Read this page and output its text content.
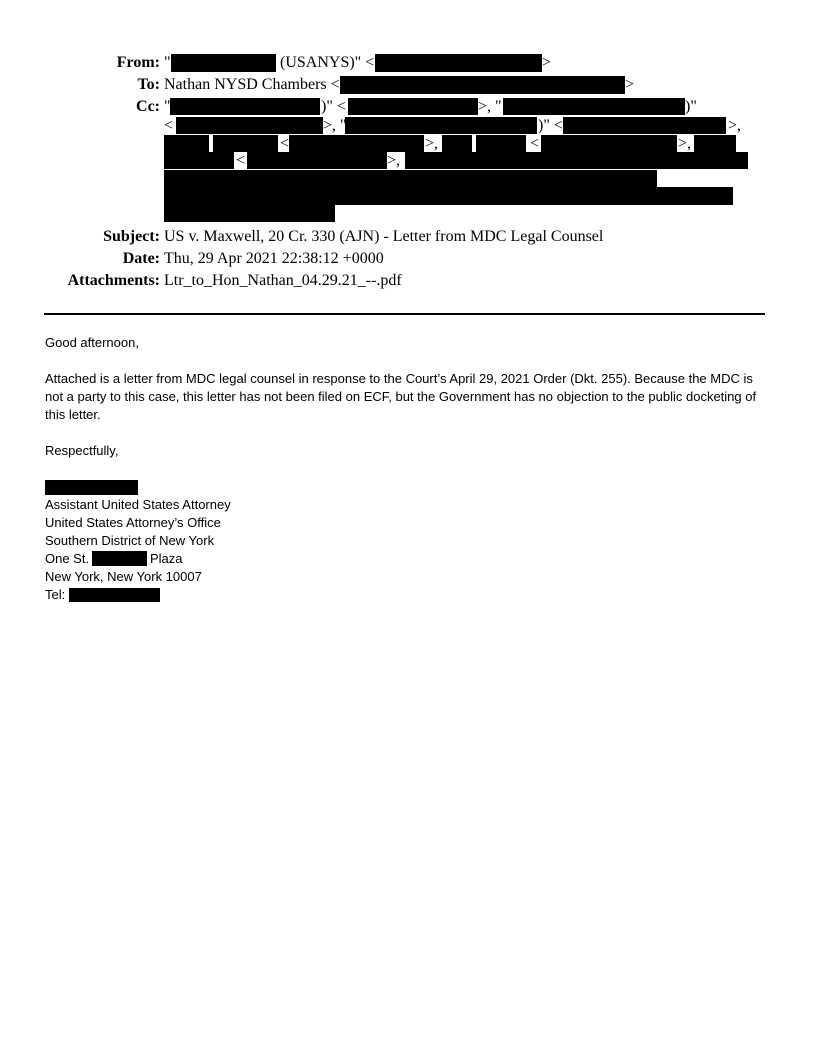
From: "	(USANYS)" <	>
To: Nathan NYSD Chambers <	>
Cc: "	)" <	>, "	)"
<	>, "	)" <	>,
<	>,	<	>,
<	>,
Subject: US v. Maxwell, 20 Cr. 330 (AJN) - Letter from MDC Legal Counsel
Date: Thu, 29 Apr 2021 22:38:12 +0000
Attachments: Ltr_to_Hon_Nathan_04.29.21_--.pdf
Good afternoon,
Attached is a letter from MDC legal counsel in response to the Court’s April 29, 2021 Order (Dkt. 255). Because the MDC is not a party to this case, this letter has not been filed on ECF, but the Government has no objection to the public docketing of this letter.
Respectfully,
Assistant United States Attorney
United States Attorney’s Office
Southern District of New York
One St.	Plaza
New York, New York 10007
Tel:
